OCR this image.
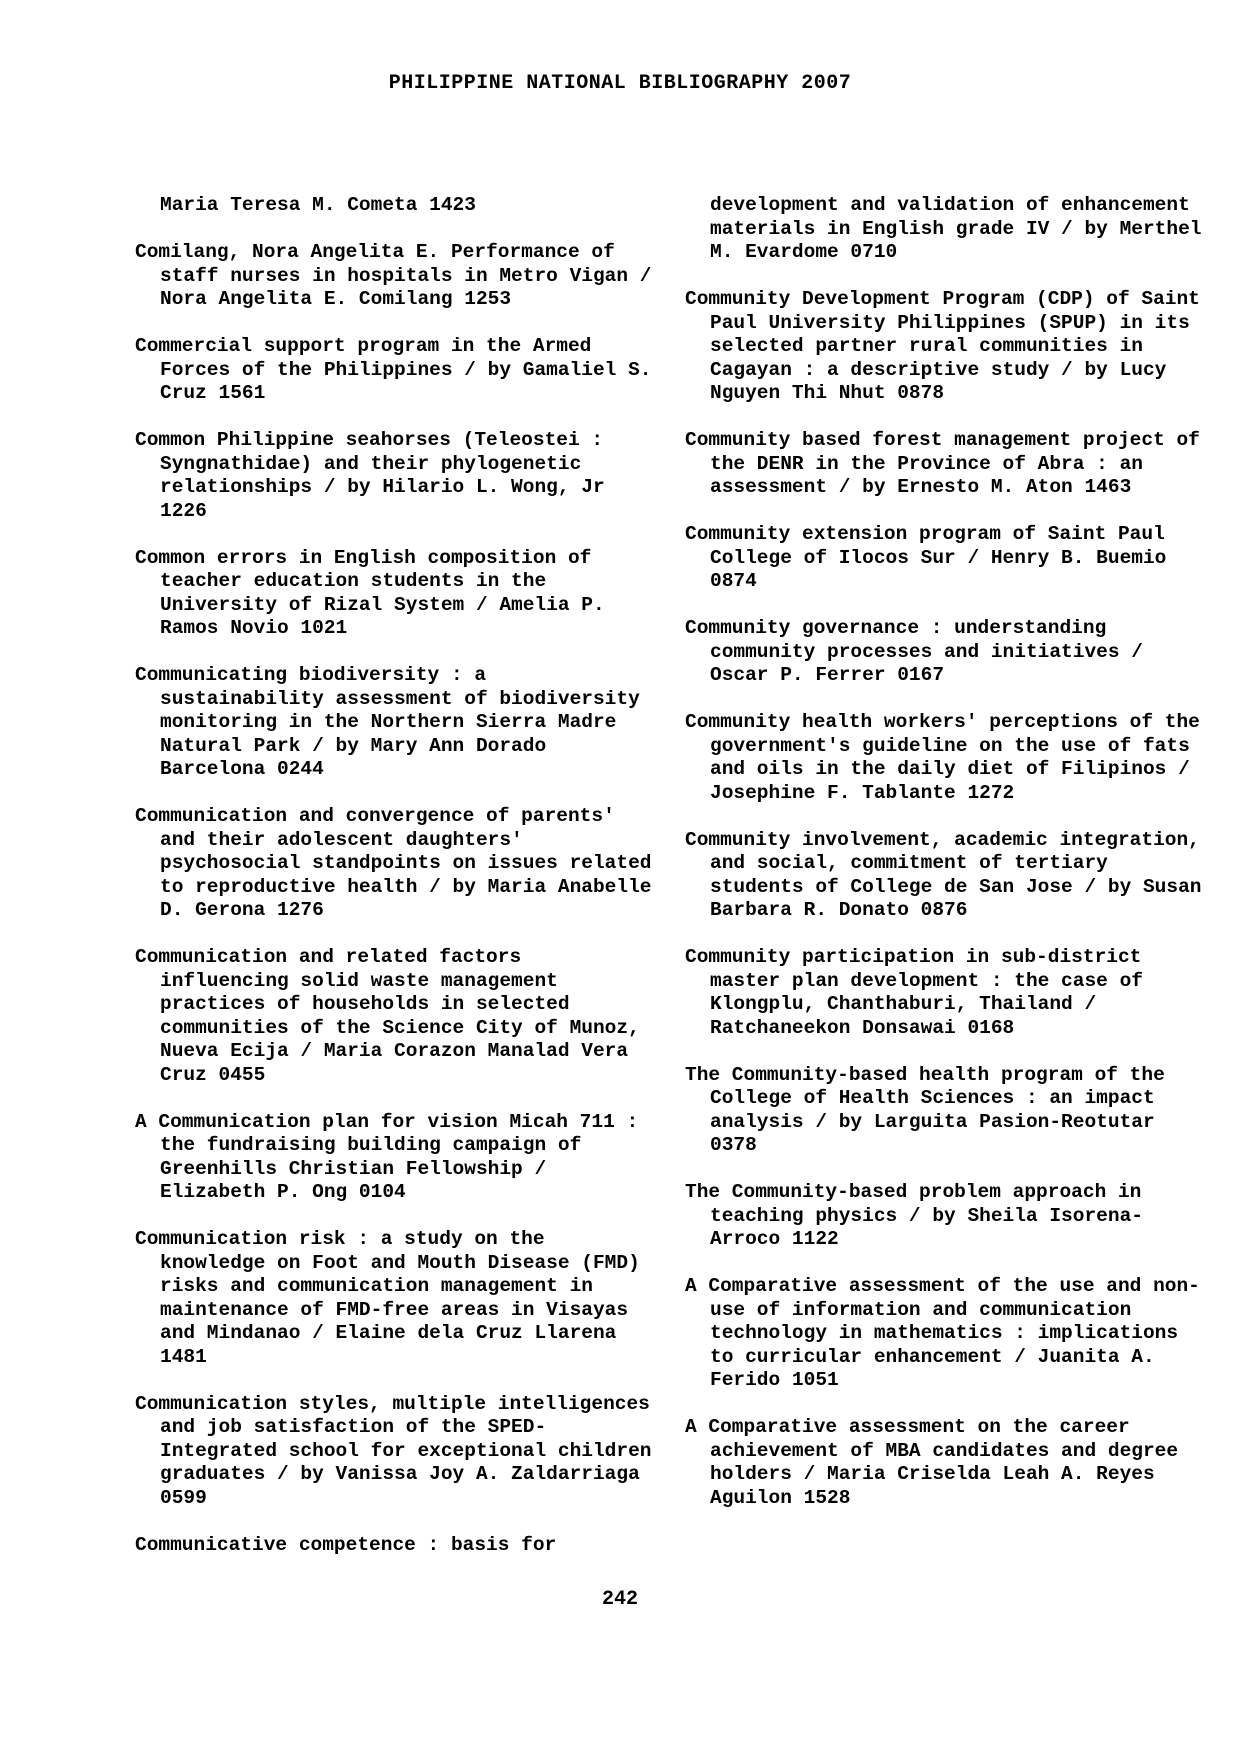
PHILIPPINE NATIONAL BIBLIOGRAPHY 2007

Maria Teresa M. Cometa 1423

Comilang, Nora Angelita E. Performance of staff nurses in hospitals in Metro Vigan / Nora Angelita E. Comilang 1253

Commercial support program in the Armed Forces of the Philippines / by Gamaliel S. Cruz 1561

Common Philippine seahorses (Teleostei : Syngnathidae) and their phylogenetic relationships / by Hilario L. Wong, Jr 1226

Common errors in English composition of teacher education students in the University of Rizal System / Amelia P. Ramos Novio 1021

Communicating biodiversity : a sustainability assessment of biodiversity monitoring in the Northern Sierra Madre Natural Park / by Mary Ann Dorado Barcelona 0244

Communication and convergence of parents' and their adolescent daughters' psychosocial standpoints on issues related to reproductive health / by Maria Anabelle D. Gerona 1276

Communication and related factors influencing solid waste management practices of households in selected communities of the Science City of Munoz, Nueva Ecija / Maria Corazon Manalad Vera Cruz 0455

A Communication plan for vision Micah 711 : the fundraising building campaign of Greenhills Christian Fellowship / Elizabeth P. Ong 0104

Communication risk : a study on the knowledge on Foot and Mouth Disease (FMD) risks and communication management in maintenance of FMD-free areas in Visayas and Mindanao / Elaine dela Cruz Llarena 1481

Communication styles, multiple intelligences and job satisfaction of the SPED-Integrated school for exceptional children graduates / by Vanissa Joy A. Zaldarriaga 0599

Communicative competence : basis for

development and validation of enhancement materials in English grade IV / by Merthel M. Evardome 0710

Community Development Program (CDP) of Saint Paul University Philippines (SPUP) in its selected partner rural communities in Cagayan : a descriptive study / by Lucy Nguyen Thi Nhut 0878

Community based forest management project of the DENR in the Province of Abra : an assessment / by Ernesto M. Aton 1463

Community extension program of Saint Paul College of Ilocos Sur / Henry B. Buemio 0874

Community governance : understanding community processes and initiatives / Oscar P. Ferrer 0167

Community health workers' perceptions of the government's guideline on the use of fats and oils in the daily diet of Filipinos / Josephine F. Tablante 1272

Community involvement, academic integration, and social, commitment of tertiary students of College de San Jose / by Susan Barbara R. Donato 0876

Community participation in sub-district master plan development : the case of Klongplu, Chanthaburi, Thailand / Ratchaneekon Donsawai 0168

The Community-based health program of the College of Health Sciences : an impact analysis / by Larguita Pasion-Reotutar 0378

The Community-based problem approach in teaching physics / by Sheila Isorena-Arroco 1122

A Comparative assessment of the use and non-use of information and communication technology in mathematics : implications to curricular enhancement / Juanita A. Ferido 1051

A Comparative assessment on the career achievement of MBA candidates and degree holders / Maria Criselda Leah A. Reyes Aguilon 1528

242
